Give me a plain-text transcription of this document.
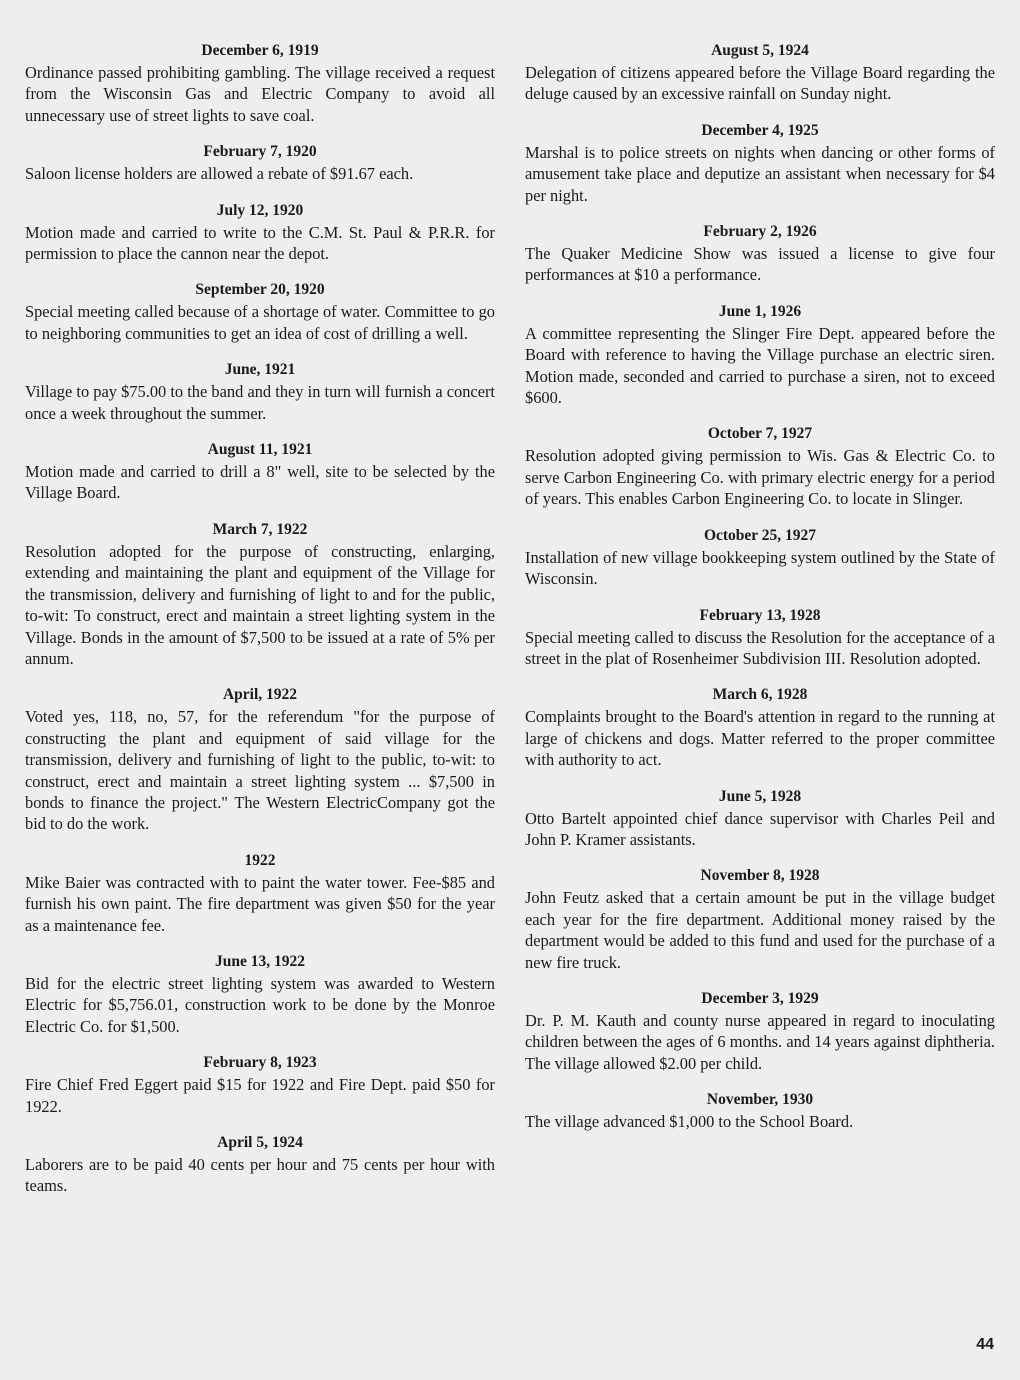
December 6, 1919

Ordinance passed prohibiting gambling. The village received a request from the Wisconsin Gas and Electric Company to avoid all unnecessary use of street lights to save coal.

February 7, 1920

Saloon license holders are allowed a rebate of $91.67 each.

July 12, 1920

Motion made and carried to write to the C.M. St. Paul & P.R.R. for permission to place the cannon near the depot.

September 20, 1920

Special meeting called because of a shortage of water. Committee to go to neighboring communities to get an idea of cost of drilling a well.

June, 1921

Village to pay $75.00 to the band and they in turn will furnish a concert once a week throughout the summer.

August 11, 1921

Motion made and carried to drill a 8" well, site to be selected by the Village Board.

March 7, 1922

Resolution adopted for the purpose of constructing, enlarging, extending and maintaining the plant and equipment of the Village for the transmission, delivery and furnishing of light to and for the public, to-wit: To construct, erect and maintain a street lighting system in the Village. Bonds in the amount of $7,500 to be issued at a rate of 5% per annum.

April, 1922

Voted yes, 118, no, 57, for the referendum "for the purpose of constructing the plant and equipment of said village for the transmission, delivery and furnishing of light to the public, to-wit: to construct, erect and maintain a street lighting system ... $7,500 in bonds to finance the project." The Western ElectricCompany got the bid to do the work.

1922

Mike Baier was contracted with to paint the water tower. Fee-$85 and furnish his own paint. The fire department was given $50 for the year as a maintenance fee.

June 13, 1922

Bid for the electric street lighting system was awarded to Western Electric for $5,756.01, construction work to be done by the Monroe Electric Co. for $1,500.

February 8, 1923

Fire Chief Fred Eggert paid $15 for 1922 and Fire Dept. paid $50 for 1922.

April 5, 1924

Laborers are to be paid 40 cents per hour and 75 cents per hour with teams.

August 5, 1924

Delegation of citizens appeared before the Village Board regarding the deluge caused by an excessive rainfall on Sunday night.

December 4, 1925

Marshal is to police streets on nights when dancing or other forms of amusement take place and deputize an assistant when necessary for $4 per night.

February 2, 1926

The Quaker Medicine Show was issued a license to give four performances at $10 a performance.

June 1, 1926

A committee representing the Slinger Fire Dept. appeared before the Board with reference to having the Village purchase an electric siren. Motion made, seconded and carried to purchase a siren, not to exceed $600.

October 7, 1927

Resolution adopted giving permission to Wis. Gas & Electric Co. to serve Carbon Engineering Co. with primary electric energy for a period of years. This enables Carbon Engineering Co. to locate in Slinger.

October 25, 1927

Installation of new village bookkeeping system outlined by the State of Wisconsin.

February 13, 1928

Special meeting called to discuss the Resolution for the acceptance of a street in the plat of Rosenheimer Subdivision III. Resolution adopted.

March 6, 1928

Complaints brought to the Board's attention in regard to the running at large of chickens and dogs. Matter referred to the proper committee with authority to act.

June 5, 1928

Otto Bartelt appointed chief dance supervisor with Charles Peil and John P. Kramer assistants.

November 8, 1928

John Feutz asked that a certain amount be put in the village budget each year for the fire department. Additional money raised by the department would be added to this fund and used for the purchase of a new fire truck.

December 3, 1929

Dr. P. M. Kauth and county nurse appeared in regard to inoculating children between the ages of 6 months. and 14 years against diphtheria. The village allowed $2.00 per child.

November, 1930

The village advanced $1,000 to the School Board.

44
